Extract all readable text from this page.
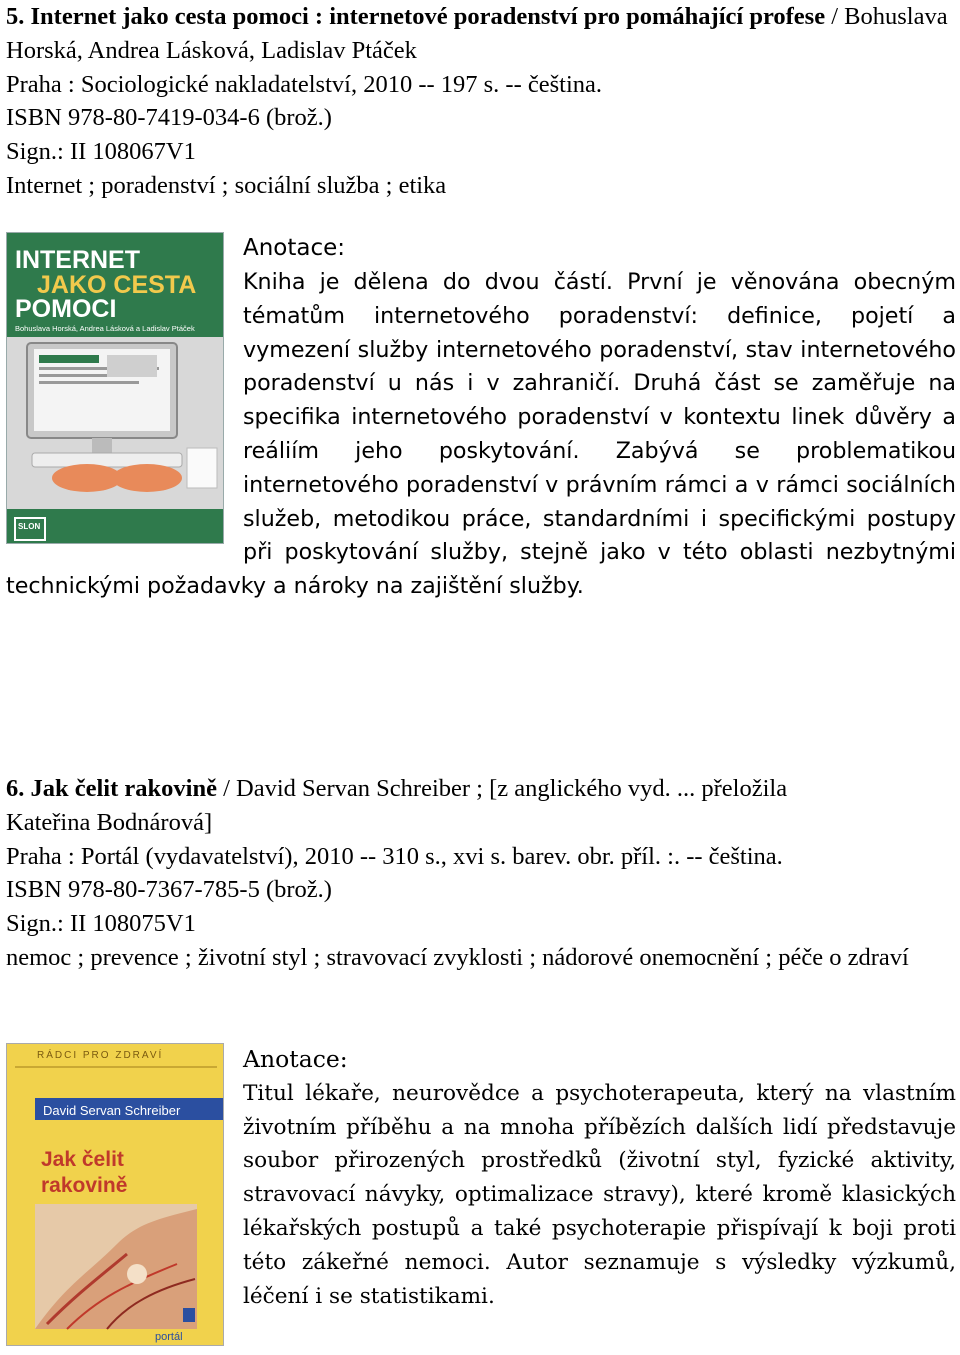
5. Internet jako cesta pomoci : internetové poradenství pro pomáhající profese / Bohuslava Horská, Andrea Lásková, Ladislav Ptáček

Praha : Sociologické nakladatelství, 2010 -- 197 s. -- čeština.

ISBN 978-80-7419-034-6 (brož.)

Sign.: II 108067V1

Internet ; poradenství ; sociální služba ; etika

INTERNET
JAKO CESTA
POMOCI
Bohuslava Horská, Andrea Lásková a Ladislav Ptáček
SLON

Anotace:

Kniha je dělena do dvou částí. První je věnována obecným tématům internetového poradenství: definice, pojetí a vymezení služby internetového poradenství, stav internetového poradenství u nás i v zahraničí. Druhá část se zaměřuje na specifika internetového poradenství v kontextu linek důvěry a reáliím jeho poskytování. Zabývá se problematikou internetového poradenství v právním rámci a v rámci sociálních služeb, metodikou práce, standardními i specifickými postupy při poskytování služby, stejně jako v této oblasti nezbytnými technickými požadavky a nároky na zajištění služby.

6. Jak čelit rakovině / David Servan Schreiber ; [z anglického vyd. ... přeložila

Kateřina Bodnárová]

Praha : Portál (vydavatelství), 2010 -- 310 s., xvi s. barev. obr. příl. :. -- čeština.

ISBN 978-80-7367-785-5 (brož.)

Sign.: II 108075V1

nemoc ; prevence ; životní styl ; stravovací zvyklosti ; nádorové onemocnění ; péče o zdraví

RÁDCI PRO ZDRAVÍ
David Servan Schreiber
Jak čelit
rakovině
portál

Anotace:

Titul lékaře, neurovědce a psychoterapeuta, který na vlastním životním příběhu a na mnoha příbězích dalších lidí představuje soubor přirozených prostředků (životní styl, fyzické aktivity, stravovací návyky, optimalizace stravy), které kromě klasických lékařských postupů a také psychoterapie přispívají k boji proti této zákeřné nemoci. Autor seznamuje s výsledky výzkumů, léčení i se statistikami.
